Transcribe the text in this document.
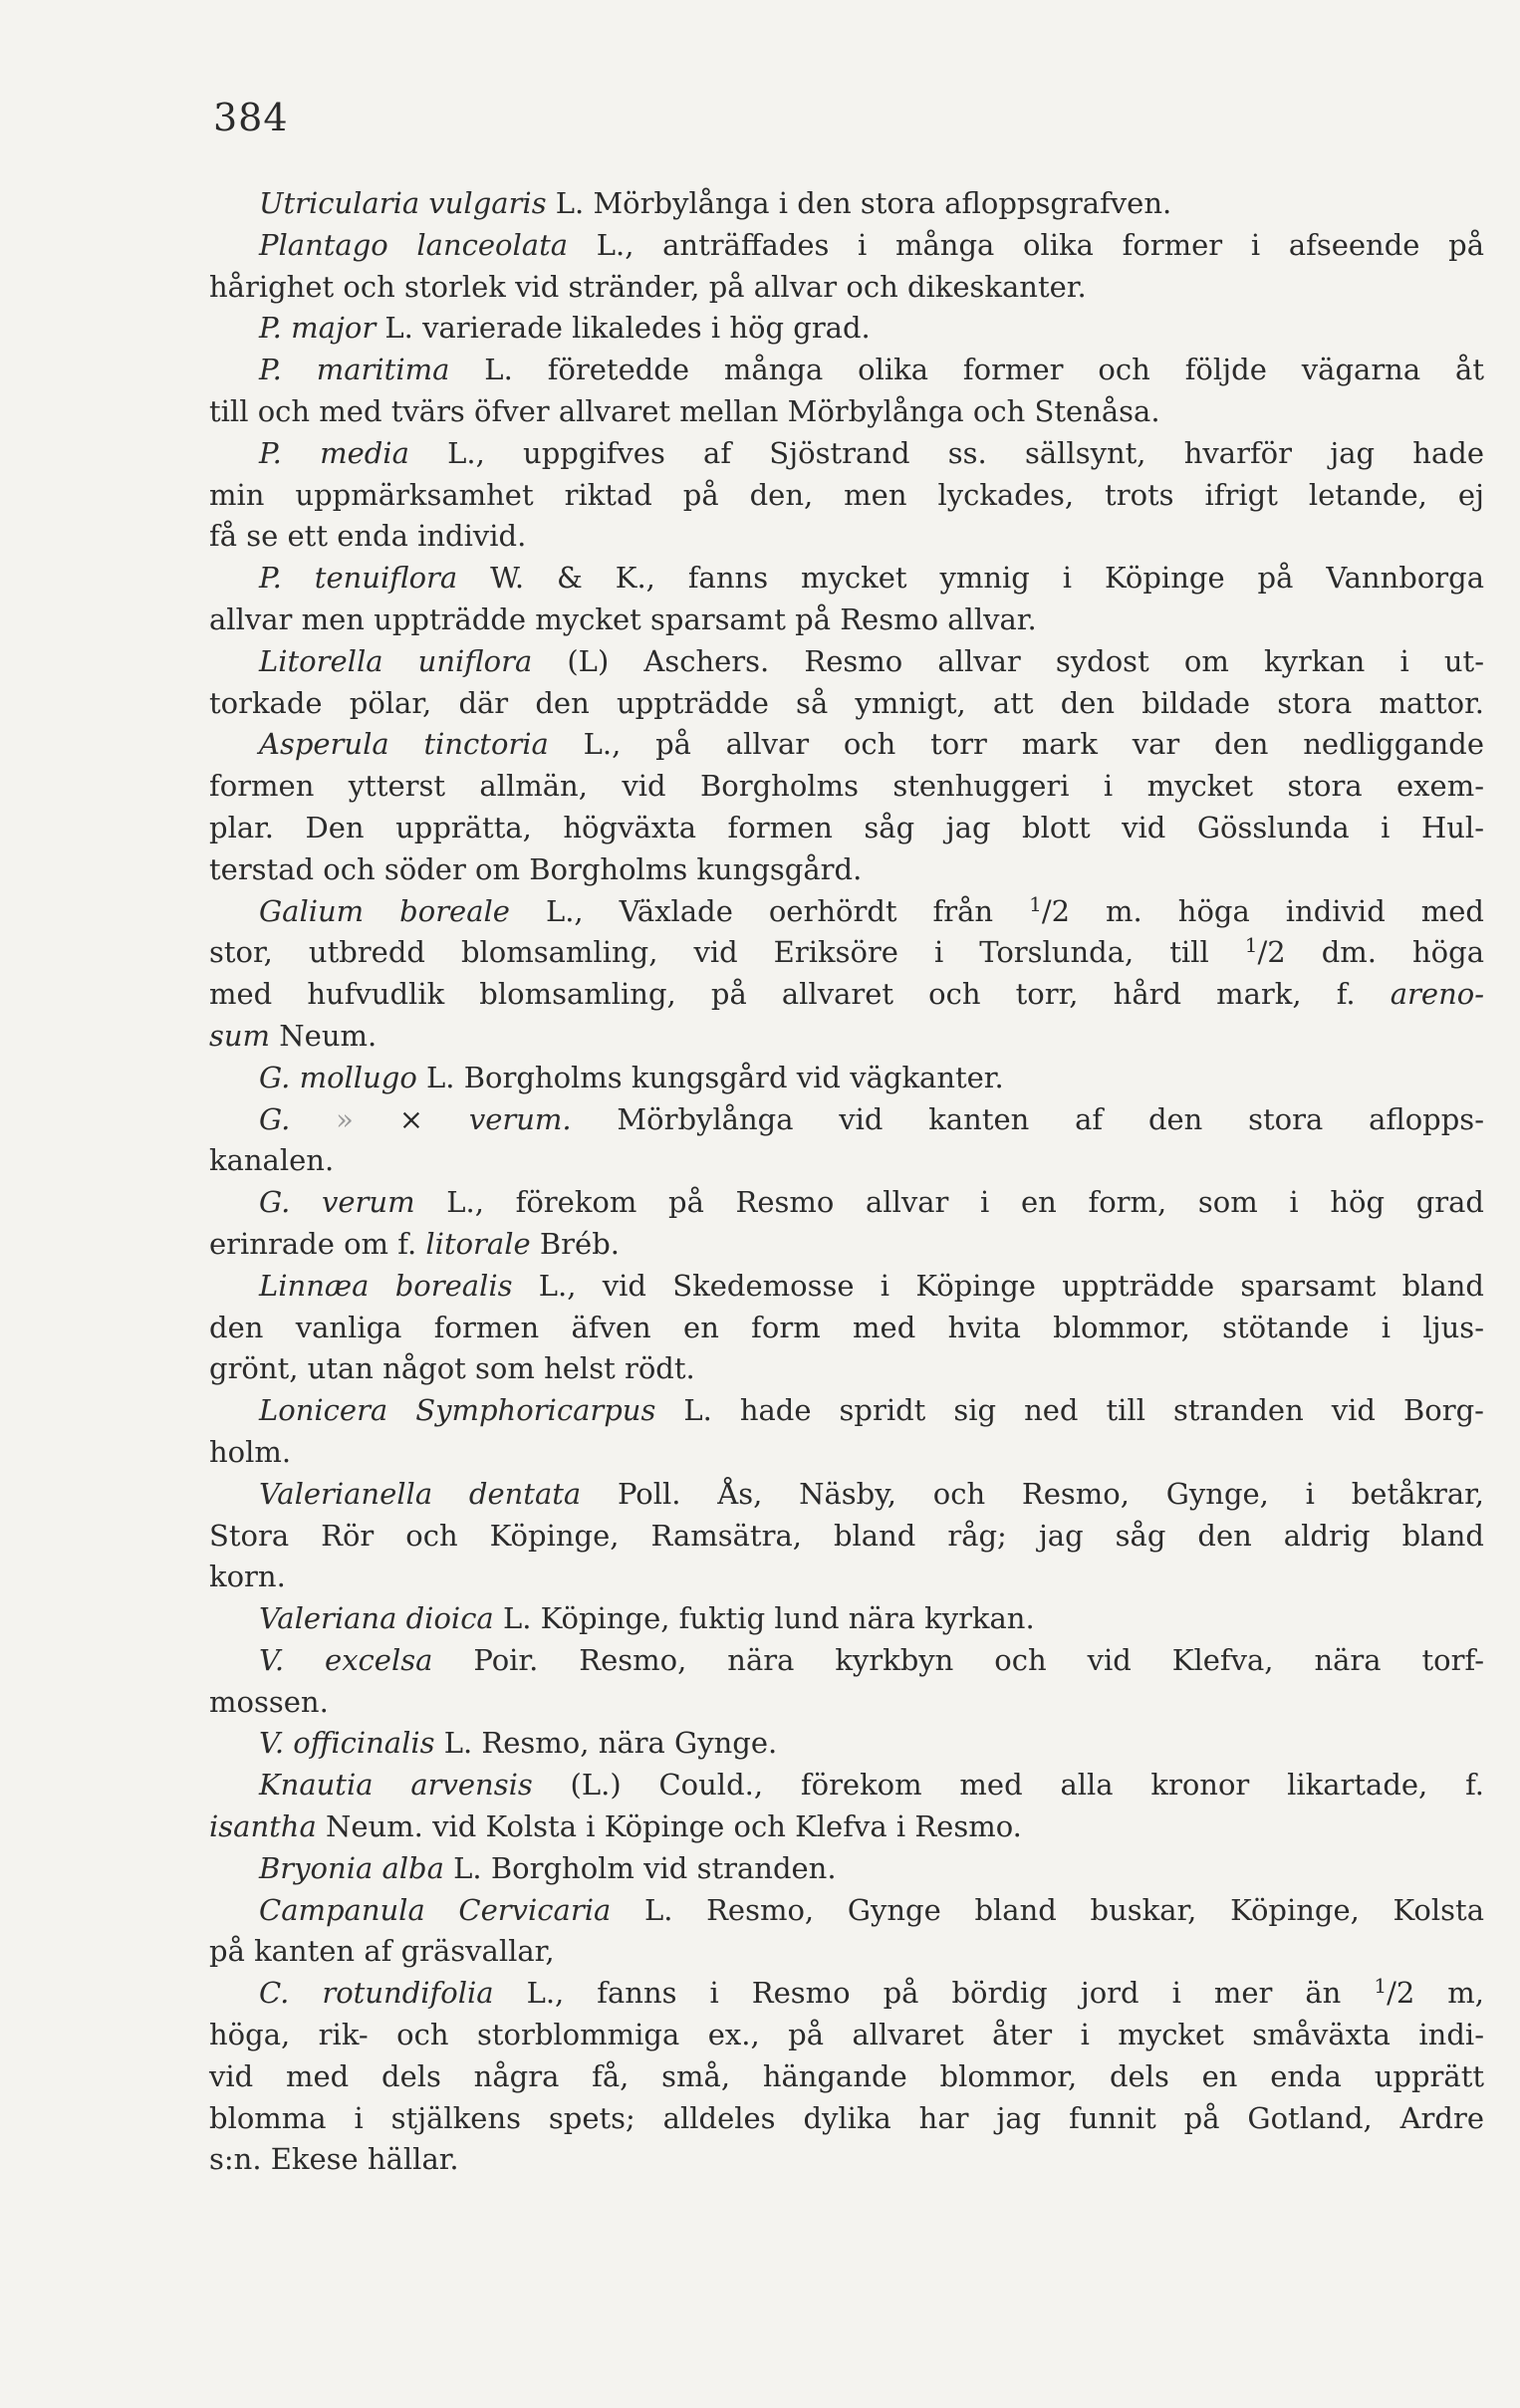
384
Utricularia vulgaris L. Mörbylånga i den stora afloppsgrafven.
Plantago lanceolata L., anträffades i många olika former i afseende på
hårighet och storlek vid stränder, på allvar och dikeskanter.
P. major L. varierade likaledes i hög grad.
P. maritima L. företedde många olika former och följde vägarna åt
till och med tvärs öfver allvaret mellan Mörbylånga och Stenåsa.
P. media L., uppgifves af Sjöstrand ss. sällsynt, hvarför jag hade
min uppmärksamhet riktad på den, men lyckades, trots ifrigt letande, ej
få se ett enda individ.
P. tenuiflora W. & K., fanns mycket ymnig i Köpinge på Vannborga
allvar men uppträdde mycket sparsamt på Resmo allvar.
Litorella uniflora (L) Aschers. Resmo allvar sydost om kyrkan i ut-
torkade pölar, där den uppträdde så ymnigt, att den bildade stora mattor.
Asperula tinctoria L., på allvar och torr mark var den nedliggande
formen ytterst allmän, vid Borgholms stenhuggeri i mycket stora exem-
plar. Den upprätta, högväxta formen såg jag blott vid Gösslunda i Hul-
terstad och söder om Borgholms kungsgård.
Galium boreale L., Växlade oerhördt från $^1$/2 m. höga individ med
stor, utbredd blomsamling, vid Eriksöre i Torslunda, till $^1$/2 dm. höga
med hufvudlik blomsamling, på allvaret och torr, hård mark, f. areno-
sum Neum.
G. mollugo L. Borgholms kungsgård vid vägkanter.
G. » × verum. Mörbylånga vid kanten af den stora aflopps-
kanalen.
G. verum L., förekom på Resmo allvar i en form, som i hög grad
erinrade om f. litorale Bréb.
Linnæa borealis L., vid Skedemosse i Köpinge uppträdde sparsamt bland
den vanliga formen äfven en form med hvita blommor, stötande i ljus-
grönt, utan något som helst rödt.
Lonicera Symphoricarpus L. hade spridt sig ned till stranden vid Borg-
holm.
Valerianella dentata Poll. Ås, Näsby, och Resmo, Gynge, i betåkrar,
Stora Rör och Köpinge, Ramsätra, bland råg; jag såg den aldrig bland
korn.
Valeriana dioica L. Köpinge, fuktig lund nära kyrkan.
V. excelsa Poir. Resmo, nära kyrkbyn och vid Klefva, nära torf-
mossen.
V. officinalis L. Resmo, nära Gynge.
Knautia arvensis (L.) Could., förekom med alla kronor likartade, f.
isantha Neum. vid Kolsta i Köpinge och Klefva i Resmo.
Bryonia alba L. Borgholm vid stranden.
Campanula Cervicaria L. Resmo, Gynge bland buskar, Köpinge, Kolsta
på kanten af gräsvallar,
C. rotundifolia L., fanns i Resmo på bördig jord i mer än $^1$/2 m,
höga, rik- och storblommiga ex., på allvaret åter i mycket småväxta indi-
vid med dels några få, små, hängande blommor, dels en enda upprätt
blomma i stjälkens spets; alldeles dylika har jag funnit på Gotland, Ardre
s:n. Ekese hällar.
